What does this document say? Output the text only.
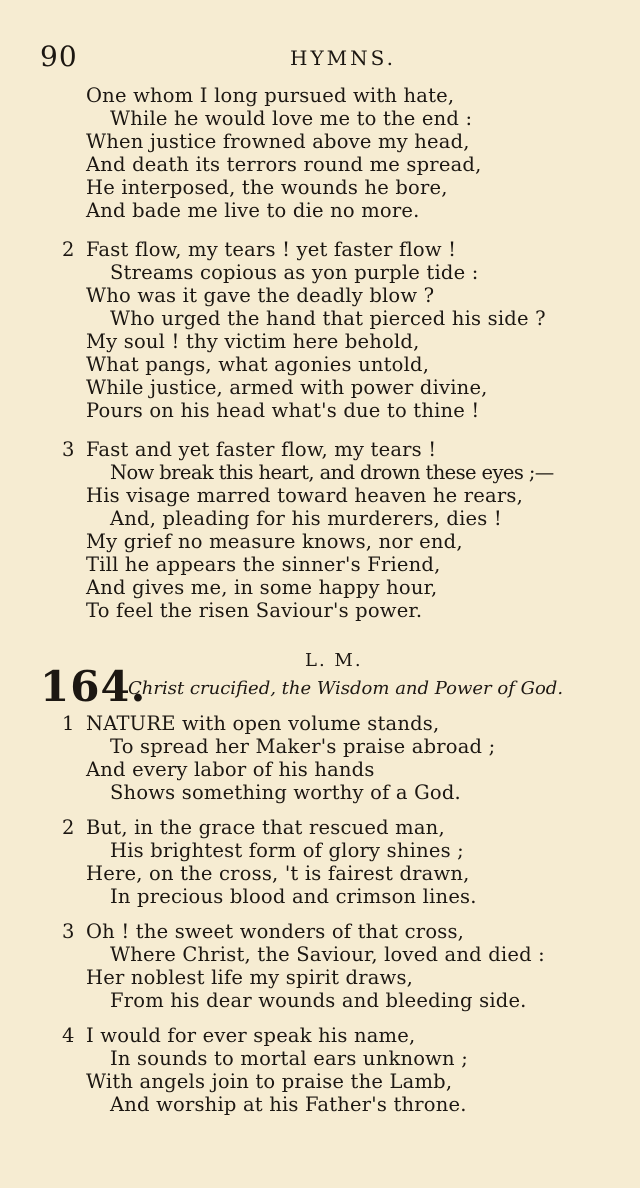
90	HYMNS.
One whom I long pursued with hate,
While he would love me to the end :
When justice frowned above my head,
And death its terrors round me spread,
He interposed, the wounds he bore,
And bade me live to die no more.
2 Fast flow, my tears ! yet faster flow !
Streams copious as yon purple tide :
Who was it gave the deadly blow ?
Who urged the hand that pierced his side ?
My soul ! thy victim here behold,
What pangs, what agonies untold,
While justice, armed with power divine,
Pours on his head what's due to thine !
3 Fast and yet faster flow, my tears !
Now break this heart, and drown these eyes ;—
His visage marred toward heaven he rears,
And, pleading for his murderers, dies !
My grief no measure knows, nor end,
Till he appears the sinner's Friend,
And gives me, in some happy hour,
To feel the risen Saviour's power.
L. M.
164.
Christ crucified, the Wisdom and Power of God.
1 NATURE with open volume stands,
To spread her Maker's praise abroad ;
And every labor of his hands
Shows something worthy of a God.
2 But, in the grace that rescued man,
His brightest form of glory shines ;
Here, on the cross, 't is fairest drawn,
In precious blood and crimson lines.
3 Oh ! the sweet wonders of that cross,
Where Christ, the Saviour, loved and died :
Her noblest life my spirit draws,
From his dear wounds and bleeding side.
4 I would for ever speak his name,
In sounds to mortal ears unknown ;
With angels join to praise the Lamb,
And worship at his Father's throne.
